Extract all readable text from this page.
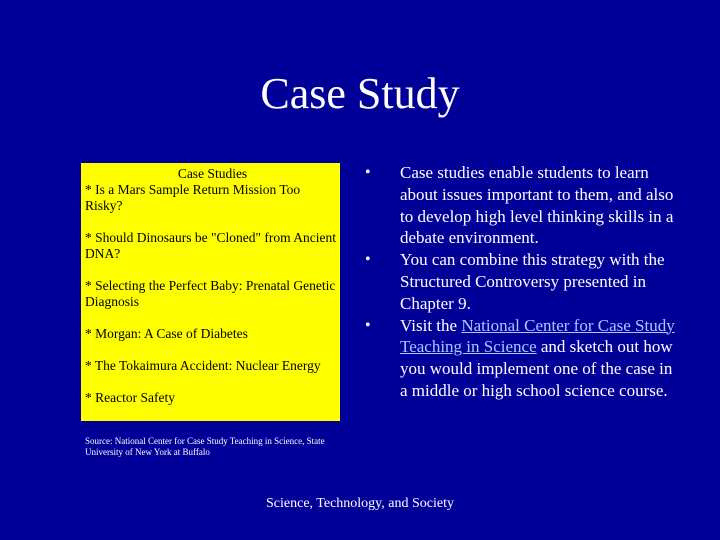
Case Study
Case Studies
* Is a Mars Sample Return Mission Too Risky?
* Should Dinosaurs be "Cloned" from Ancient DNA?
* Selecting the Perfect Baby: Prenatal Genetic Diagnosis
* Morgan: A Case of Diabetes
* The Tokaimura Accident: Nuclear Energy
* Reactor Safety
Source: National Center for Case Study Teaching in Science, State University of New York at Buffalo
• Case studies enable students to learn about issues important to them, and also to develop high level thinking skills in a debate environment.
• You can combine this strategy with the Structured Controversy presented in Chapter 9.
• Visit the National Center for Case Study Teaching in Science and sketch out how you would implement one of the case in a middle or high school science course.
Science, Technology, and Society
